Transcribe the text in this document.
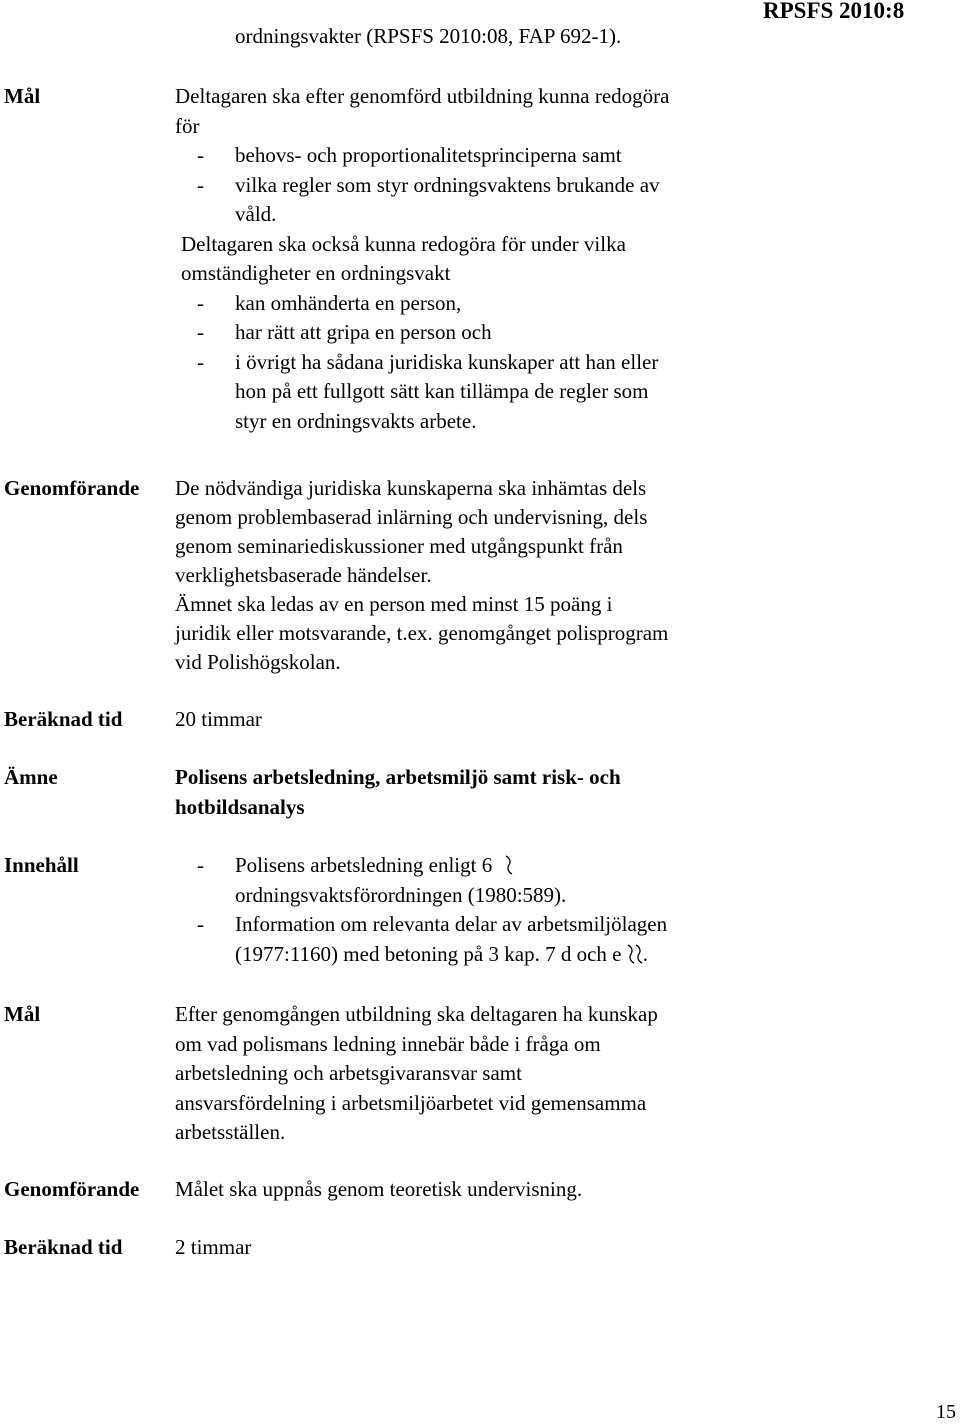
ordningsvakter (RPSFS 2010:08, FAP 692-1).
RPSFS 2010:8
Mål	Deltagaren ska efter genomförd utbildning kunna redogöra
för
- behovs- och proportionalitetsprinciperna samt
- vilka regler som styr ordningsvaktens brukande av
våld.
Deltagaren ska också kunna redogöra för under vilka
omständigheter en ordningsvakt
- kan omhänderta en person,
- har rätt att gripa en person och
- i övrigt ha sådana juridiska kunskaper att han eller
hon på ett fullgott sätt kan tillämpa de regler som
styr en ordningsvakts arbete.
Genomförande De nödvändiga juridiska kunskaperna ska inhämtas dels
genom problembaserad inlärning och undervisning, dels
genom seminariediskussioner med utgångspunkt från
verklighetsbaserade händelser.
Ämnet ska ledas av en person med minst 15 poäng i
juridik eller motsvarande, t.ex. genomgånget polisprogram
vid Polishögskolan.
Beräknad tid	20 timmar
Ämne	Polisens arbetsledning, arbetsmiljö samt risk- och
hotbildsanalys
Innehåll	- Polisens arbetsledning enligt 6
ordningsvaktsförordningen (1980:589).
- Information om relevanta delar av arbetsmiljölagen
(1977:1160) med betoning på 3 kap. 7 d och e .
Mål	Efter genomgången utbildning ska deltagaren ha kunskap
om vad polismans ledning innebär både i fråga om
arbetsledning och arbetsgivaransvar samt
ansvarsfördelning i arbetsmiljöarbetet vid gemensamma
arbetsställen.
Genomförande Målet ska uppnås genom teoretisk undervisning.
Beräknad tid	2 timmar
15
